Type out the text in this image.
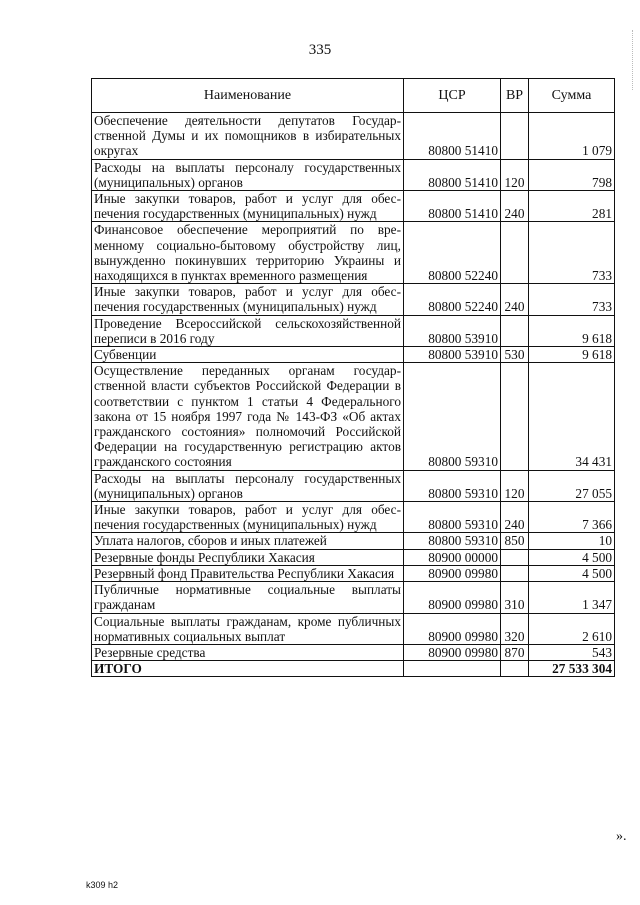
335
Наименование	ЦСР	ВР	Сумма
Обеспечение деятельности депутатов Государственной Думы и их помощников в избирательных округах	80800 51410		1 079
Расходы на выплаты персоналу государственных (муниципальных) органов	80800 51410	120	798
Иные закупки товаров, работ и услуг для обеспечения государственных (муниципальных) нужд	80800 51410	240	281
Финансовое обеспечение мероприятий по временному социально-бытовому обустройству лиц, вынужденно покинувших территорию Украины и находящихся в пунктах временного размещения	80800 52240		733
Иные закупки товаров, работ и услуг для обеспечения государственных (муниципальных) нужд	80800 52240	240	733
Проведение Всероссийской сельскохозяйственной переписи в 2016 году	80800 53910		9 618
Субвенции	80800 53910	530	9 618
Осуществление переданных органам государственной власти субъектов Российской Федерации в соответствии с пунктом 1 статьи 4 Федерального закона от 15 ноября 1997 года № 143-ФЗ «Об актах гражданского состояния» полномочий Российской Федерации на государственную регистрацию актов гражданского состояния	80800 59310		34 431
Расходы на выплаты персоналу государственных (муниципальных) органов	80800 59310	120	27 055
Иные закупки товаров, работ и услуг для обеспечения государственных (муниципальных) нужд	80800 59310	240	7 366
Уплата налогов, сборов и иных платежей	80800 59310	850	10
Резервные фонды Республики Хакасия	80900 00000		4 500
Резервный фонд Правительства Республики Хакасия	80900 09980		4 500
Публичные нормативные социальные выплаты гражданам	80900 09980	310	1 347
Социальные выплаты гражданам, кроме публичных нормативных социальных выплат	80900 09980	320	2 610
Резервные средства	80900 09980	870	543
ИТОГО			27 533 304
».
k309 h2
